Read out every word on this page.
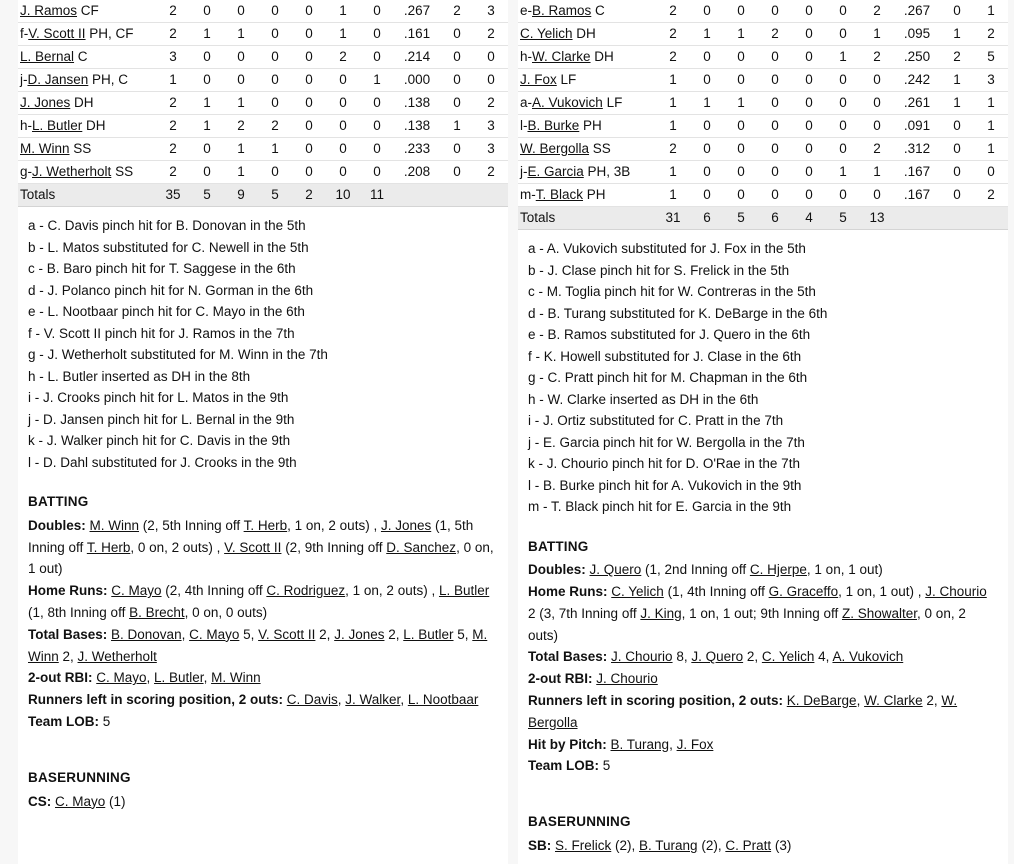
J. Ramos CF	2	0	0	0	0	1	0	.267	2	3
f-V. Scott II PH, CF	2	1	1	0	0	1	0	.161	0	2
L. Bernal C	3	0	0	0	0	2	0	.214	0	0
j-D. Jansen PH, C	1	0	0	0	0	0	1	.000	0	0
J. Jones DH	2	1	1	0	0	0	0	.138	0	2
h-L. Butler DH	2	1	2	2	0	0	0	.138	1	3
M. Winn SS	2	0	1	1	0	0	0	.233	0	3
g-J. Wetherholt SS	2	0	1	0	0	0	0	.208	0	2
Totals	35	5	9	5	2	10	11			
a - C. Davis pinch hit for B. Donovan in the 5th
b - L. Matos substituted for C. Newell in the 5th
c - B. Baro pinch hit for T. Saggese in the 6th
d - J. Polanco pinch hit for N. Gorman in the 6th
e - L. Nootbaar pinch hit for C. Mayo in the 6th
f - V. Scott II pinch hit for J. Ramos in the 7th
g - J. Wetherholt substituted for M. Winn in the 7th
h - L. Butler inserted as DH in the 8th
i - J. Crooks pinch hit for L. Matos in the 9th
j - D. Jansen pinch hit for L. Bernal in the 9th
k - J. Walker pinch hit for C. Davis in the 9th
l - D. Dahl substituted for J. Crooks in the 9th
BATTING

Doubles: M. Winn (2, 5th Inning off T. Herb, 1 on, 2 outs) , J. Jones (1, 5th Inning off T. Herb, 0 on, 2 outs) , V. Scott II (2, 9th Inning off D. Sanchez, 0 on, 1 out)

Home Runs: C. Mayo (2, 4th Inning off C. Rodriguez, 1 on, 2 outs) , L. Butler (1, 8th Inning off B. Brecht, 0 on, 0 outs)

Total Bases: B. Donovan, C. Mayo 5, V. Scott II 2, J. Jones 2, L. Butler 5, M. Winn 2, J. Wetherholt

2-out RBI: C. Mayo, L. Butler, M. Winn

Runners left in scoring position, 2 outs: C. Davis, J. Walker, L. Nootbaar

Team LOB: 5

BASERUNNING

CS: C. Mayo (1)

e-B. Ramos C	2	0	0	0	0	0	2	.267	0	1
C. Yelich DH	2	1	1	2	0	0	1	.095	1	2
h-W. Clarke DH	2	0	0	0	0	1	2	.250	2	5
J. Fox LF	1	0	0	0	0	0	0	.242	1	3
a-A. Vukovich LF	1	1	1	0	0	0	0	.261	1	1
l-B. Burke PH	1	0	0	0	0	0	0	.091	0	1
W. Bergolla SS	2	0	0	0	0	0	2	.312	0	1
j-E. Garcia PH, 3B	1	0	0	0	0	1	1	.167	0	0
m-T. Black PH	1	0	0	0	0	0	0	.167	0	2
Totals	31	6	5	6	4	5	13			
a - A. Vukovich substituted for J. Fox in the 5th
b - J. Clase pinch hit for S. Frelick in the 5th
c - M. Toglia pinch hit for W. Contreras in the 5th
d - B. Turang substituted for K. DeBarge in the 6th
e - B. Ramos substituted for J. Quero in the 6th
f - K. Howell substituted for J. Clase in the 6th
g - C. Pratt pinch hit for M. Chapman in the 6th
h - W. Clarke inserted as DH in the 6th
i - J. Ortiz substituted for C. Pratt in the 7th
j - E. Garcia pinch hit for W. Bergolla in the 7th
k - J. Chourio pinch hit for D. O'Rae in the 7th
l - B. Burke pinch hit for A. Vukovich in the 9th
m - T. Black pinch hit for E. Garcia in the 9th
BATTING

Doubles: J. Quero (1, 2nd Inning off C. Hjerpe, 1 on, 1 out)

Home Runs: C. Yelich (1, 4th Inning off G. Graceffo, 1 on, 1 out) , J. Chourio 2 (3, 7th Inning off J. King, 1 on, 1 out; 9th Inning off Z. Showalter, 0 on, 2 outs)

Total Bases: J. Chourio 8, J. Quero 2, C. Yelich 4, A. Vukovich

2-out RBI: J. Chourio

Runners left in scoring position, 2 outs: K. DeBarge, W. Clarke 2, W. Bergolla

Hit by Pitch: B. Turang, J. Fox

Team LOB: 5

BASERUNNING

SB: S. Frelick (2), B. Turang (2), C. Pratt (3)
